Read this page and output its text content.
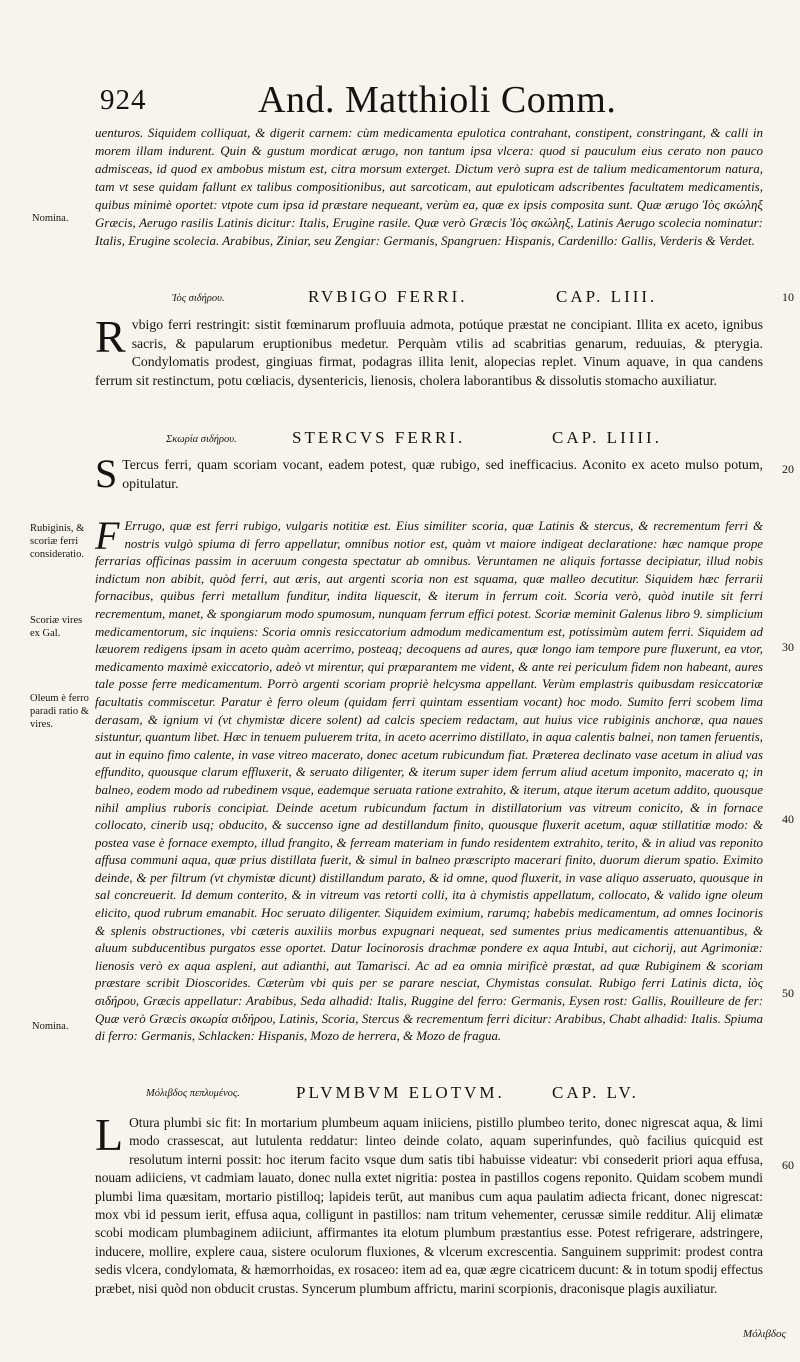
924	And. Matthioli Comm.

uenturos. Siquidem colliquat, & digerit carnem: cùm medicamenta epulotica contrahant, constipent, constringant, & calli in morem illam indurent. Quin & gustum mordicat ærugo, non tantum ipsa vlcera: quod si pauculum eius cerato non pauco admisceas, id quod ex ambobus mistum est, citra morsum exterget. Dictum verò supra est de talium medicamentorum natura, tam vt sese quidam fallunt ex talibus compositionibus, aut sarcoticam, aut epuloticam adscribentes facultatem medicamentis, quibus minimè oportet: vtpote cum ipsa id præstare nequeant, verùm ea, quæ ex ipsis composita sunt. Quæ ærugo Ἰὸς σκώληξ Græcis, Aerugo rasilis Latinis dicitur: Italis, Erugine rasile. Quæ verò Græcis Ἰὸς σκώληξ, Latinis Aerugo scolecia nominatur: Italis, Erugine scolecia. Arabibus, Ziniar, seu Zengiar: Germanis, Spangruen: Hispanis, Cardenillo: Gallis, Verderis & Verdet.

Nomina.
Ἰὸς σιδήρου.	RVBIGO FERRI.	CAP. LIII.
R vbigo ferri restringit: sistit fœminarum profluuia admota, potúque præstat ne concipiant. Illita ex aceto, ignibus sacris, & papularum eruptionibus medetur. Perquàm vtilis ad scabritias genarum, reduuias, & pterygia. Condylomatis prodest, gingiuas firmat, podagras illita lenit, alopecias replet. Vinum aquave, in qua candens ferrum sit restinctum, potu cœliacis, dysentericis, lienosis, cholera laborantibus & dissolutis stomacho auxiliatur.

Σκωρία σιδήρου.	STERCVS FERRI.	CAP. LIIII.
S Tercus ferri, quam scoriam vocant, eadem potest, quæ rubigo, sed inefficacius. Aconito ex aceto mulso potum, opitulatur.

F Errugo, quæ est ferri rubigo, vulgaris notitiæ est. Eius similiter scoria, quæ Latinis & stercus, & recrementum ferri & nostris vulgò spiuma di ferro appellatur, omnibus notior est, quàm vt maiore indigeat declaratione: hæc namque prope ferrarias officinas passim in aceruum congesta spectatur ab omnibus. Veruntamen ne aliquis fortasse decipiatur, illud nobis indictum non abibit, quòd ferri, aut æris, aut argenti scoria non est squama, quæ malleo decutitur. Siquidem hæc ferrarii fornacibus, quibus ferri metallum funditur, indita liquescit, & iterum in ferrum coit. Scoria verò, quòd inutile sit ferri recrementum, manet, & spongiarum modo spumosum, nunquam ferrum effici potest. Scoriæ meminit Galenus libro 9. simplicium medicamentorum, sic inquiens: Scoria omnis resiccatorium admodum medicamentum est, potissimùm autem ferri. Siquidem ad læuorem redigens ipsam in aceto quàm acerrimo, posteaq; decoquens ad aures, quæ longo iam tempore pure fluxerunt, ea vtor, medicamento maximè exiccatorio, adeò vt mirentur, qui præparantem me vident, & ante rei periculum fidem non habeant, aures tale posse ferre medicamentum. Porrò argenti scoriam propriè helcysma appellant. Verùm emplastris quibusdam resiccatoriæ facultatis commiscetur. Paratur è ferro oleum (quidam ferri quintam essentiam vocant) hoc modo. Sumito ferri scobem lima derasam, & ignium vi (vt chymistæ dicere solent) ad calcis speciem redactam, aut huius vice rubiginis anchoræ, qua naues sistuntur, quantum libet. Hæc in tenuem puluerem trita, in aceto acerrimo distillato, in aqua calentis balnei, non tamen feruentis, aut in equino fimo calente, in vase vitreo macerato, donec acetum rubicundum fiat. Præterea declinato vase acetum in aliud vas effundito, quousque clarum effluxerit, & seruato diligenter, & iterum super idem ferrum aliud acetum imponito, macerato q; in balneo, eodem modo ad rubedinem vsque, eademque seruata ratione extrahito, & iterum, atque iterum acetum addito, quousque nihil amplius ruboris concipiat. Deinde acetum rubicundum factum in distillatorium vas vitreum conicito, & in fornace collocato, cinerib usq; obducito, & succenso igne ad destillandum finito, quousque fluxerit acetum, aquæ stillatitiæ modo: & postea vase è fornace exempto, illud frangito, & ferream materiam in fundo residentem extrahito, terito, & in aliud vas reponito affusa communi aqua, quæ prius distillata fuerit, & simul in balneo præscripto macerari finito, duorum dierum spatio. Eximito deinde, & per filtrum (vt chymistæ dicunt) distillandum parato, & id omne, quod fluxerit, in vase aliquo asseruato, quousque in sal concreuerit. Id demum conterito, & in vitreum vas retorti colli, ita à chymistis appellatum, collocato, & valido igne oleum elicito, quod rubrum emanabit. Hoc seruato diligenter. Siquidem eximium, rarumq; habebis medicamentum, ad omnes Iocinoris & splenis obstructiones, vbi cæteris auxiliis morbus expugnari nequeat, sed sumentes prius medicamentis attenuantibus, & aluum subducentibus purgatos esse oportet. Datur Iocinorosis drachmæ pondere ex aqua Intubi, aut cichorij, aut Agrimoniæ: lienosis verò ex aqua aspleni, aut adianthi, aut Tamarisci. Ac ad ea omnia mirificè præstat, ad quæ Rubiginem & scoriam præstare scribit Dioscorides. Cæterùm vbi quis per se parare nesciat, Chymistas consulat. Rubigo ferri Latinis dicta, ἰὸς σιδήρου, Græcis appellatur: Arabibus, Seda alhadid: Italis, Ruggine del ferro: Germanis, Eysen rost: Gallis, Rouilleure de fer: Quæ verò Græcis σκωρία σιδήρου, Latinis, Scoria, Stercus & recrementum ferri dicitur: Arabibus, Chabt alhadid: Italis. Spiuma di ferro: Germanis, Schlacken: Hispanis, Mozo de herrera, & Mozo de fragua.

Rubiginis, & scoriæ ferri consideratio.
Scoriæ vires ex Gal.
Oleum è ferro paradi ratio & vires.
Nomina.
Μόλιβδος πεπλυμένος.	PLVMBVM ELOTVM.	CAP. LV.
L Otura plumbi sic fit: In mortarium plumbeum aquam iniiciens, pistillo plumbeo terito, donec nigrescat aqua, & limi modo crassescat, aut lutulenta reddatur: linteo deinde colato, aquam superinfundes, quò facilius quicquid est resolutum interni possit: hoc iterum facito vsque dum satis tibi habuisse videatur: vbi consederit priori aqua effusa, nouam adiiciens, vt cadmiam lauato, donec nulla extet nigritia: postea in pastillos cogens reponito. Quidam scobem mundi plumbi lima quæsitam, mortario pistilloq; lapideis terūt, aut manibus cum aqua paulatim adiecta fricant, donec nigrescat: mox vbi id pessum ierit, effusa aqua, colligunt in pastillos: nam tritum vehementer, cerussæ simile redditur. Alij elimatæ scobi modicam plumbaginem adiiciunt, affirmantes ita elotum plumbum præstantius esse. Potest refrigerare, adstringere, inducere, mollire, explere caua, sistere oculorum fluxiones, & vlcerum excrescentia. Sanguinem supprimit: prodest contra sedis vlcera, condylomata, & hæmorrhoidas, ex rosaceo: item ad ea, quæ ægre cicatricem ducunt: & in totum spodij effectus præbet, nisi quòd non obducit crustas. Syncerum plumbum affrictu, marini scorpionis, draconisque plagis auxiliatur.

10
20
30
40
50
60
Μόλιβδος
